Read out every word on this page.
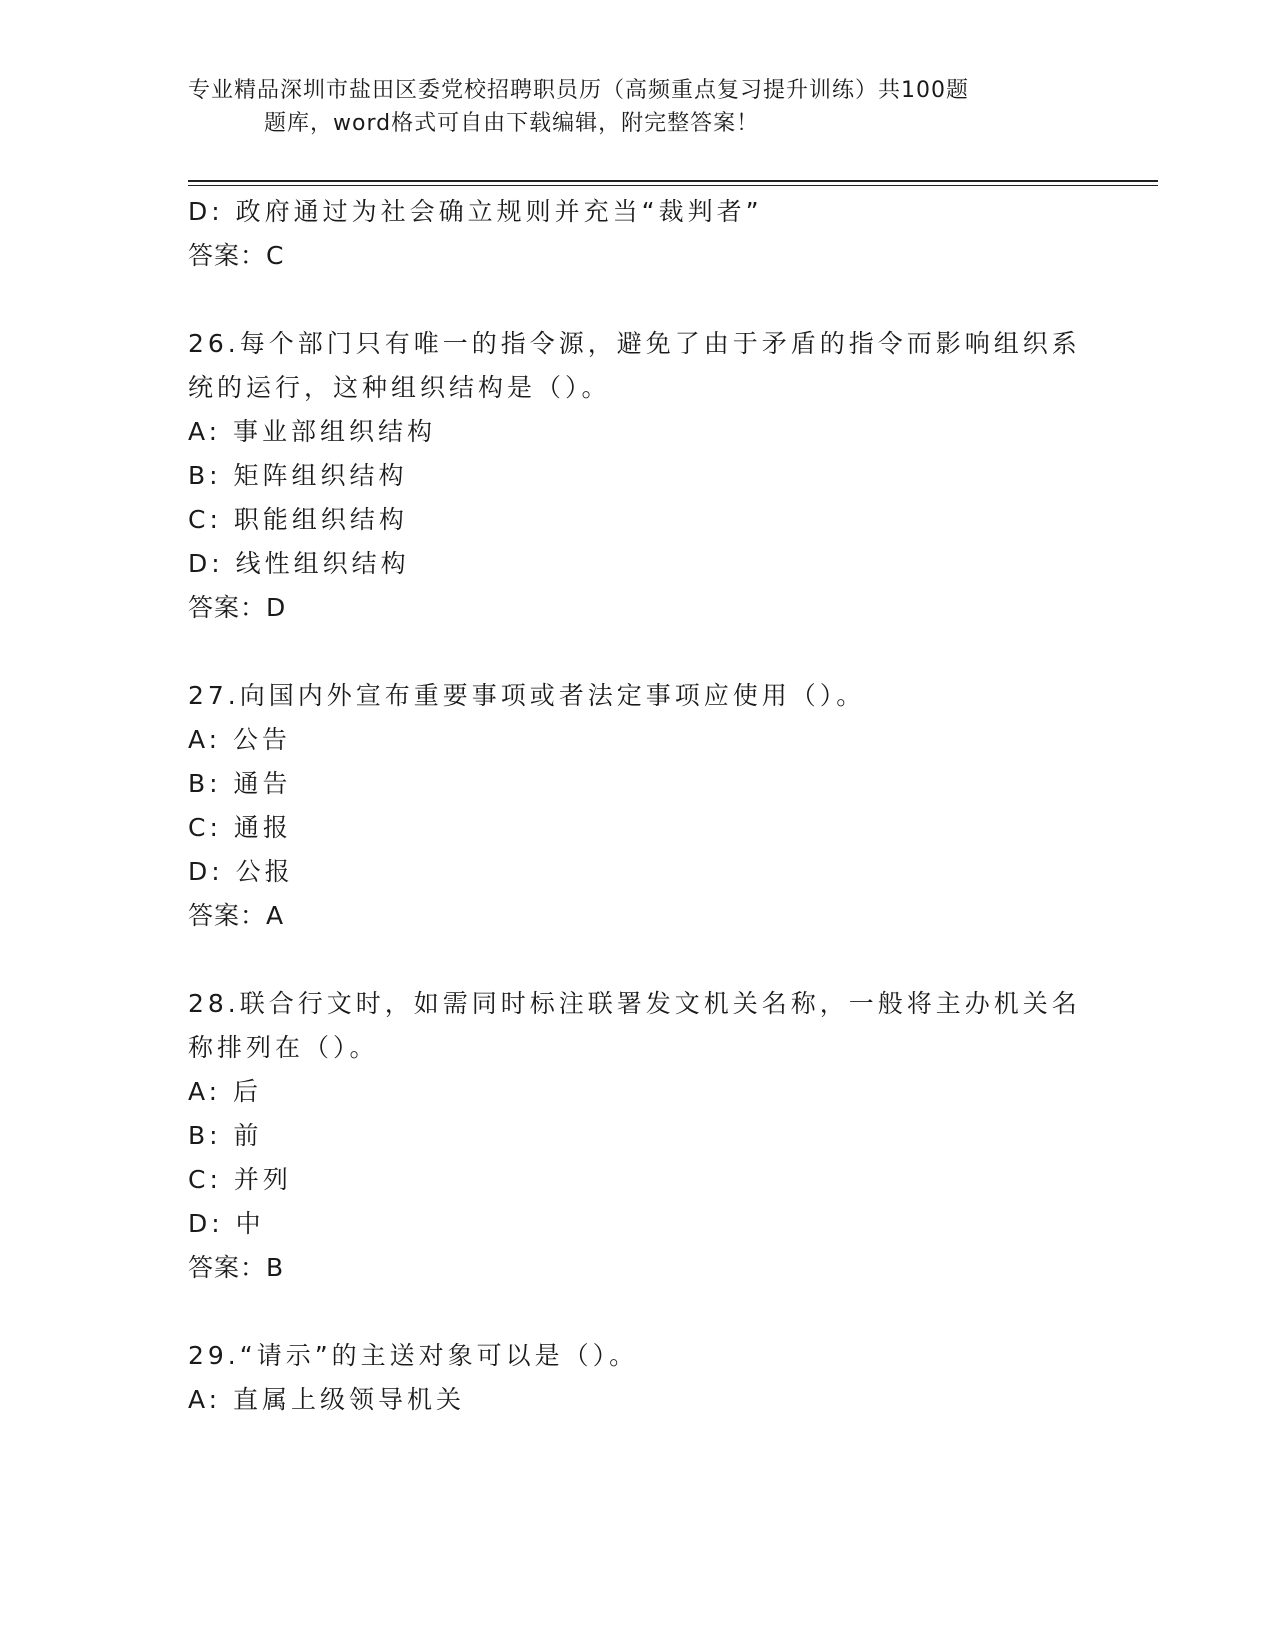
专业精品深圳市盐田区委党校招聘职员历（高频重点复习提升训练）共100题
题库，word格式可自由下载编辑，附完整答案！
D: 政府通过为社会确立规则并充当“裁判者”
答案：C
26.每个部门只有唯一的指令源，避免了由于矛盾的指令而影响组织系
统的运行，这种组织结构是（）。
A: 事业部组织结构
B: 矩阵组织结构
C: 职能组织结构
D: 线性组织结构
答案：D
27.向国内外宣布重要事项或者法定事项应使用（）。
A: 公告
B: 通告
C: 通报
D: 公报
答案：A
28.联合行文时，如需同时标注联署发文机关名称，一般将主办机关名
称排列在（）。
A: 后
B: 前
C: 并列
D: 中
答案：B
29.“请示”的主送对象可以是（）。
A: 直属上级领导机关
